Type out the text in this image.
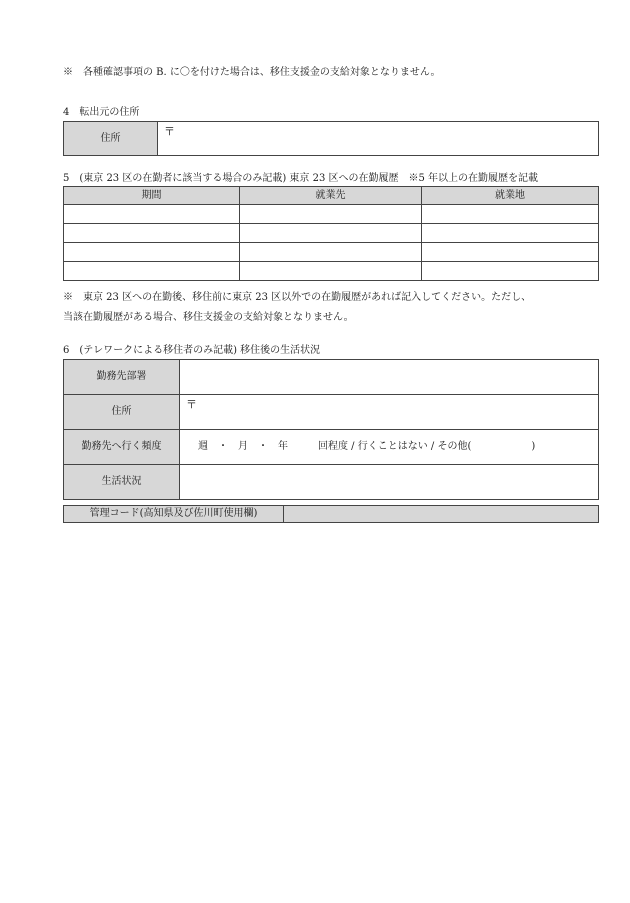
※　各種確認事項の B. に〇を付けた場合は、移住支援金の支給対象となりません。
4　転出元の住所
住所	〒
5　(東京 23 区の在勤者に該当する場合のみ記載) 東京 23 区への在勤履歴　※5 年以上の在勤履歴を記載
期間	就業先	就業地

※　東京 23 区への在勤後、移住前に東京 23 区以外での在勤履歴があれば記入してください。ただし、
当該在勤履歴がある場合、移住支援金の支給対象となりません。
6　(テレワークによる移住者のみ記載) 移住後の生活状況
勤務先部署	
住所	〒
勤務先へ行く頻度	週　・　月　・　年　　　回程度 / 行くことはない / その他(　　　　　　)
生活状況	
管理コード(高知県及び佐川町使用欄)	
